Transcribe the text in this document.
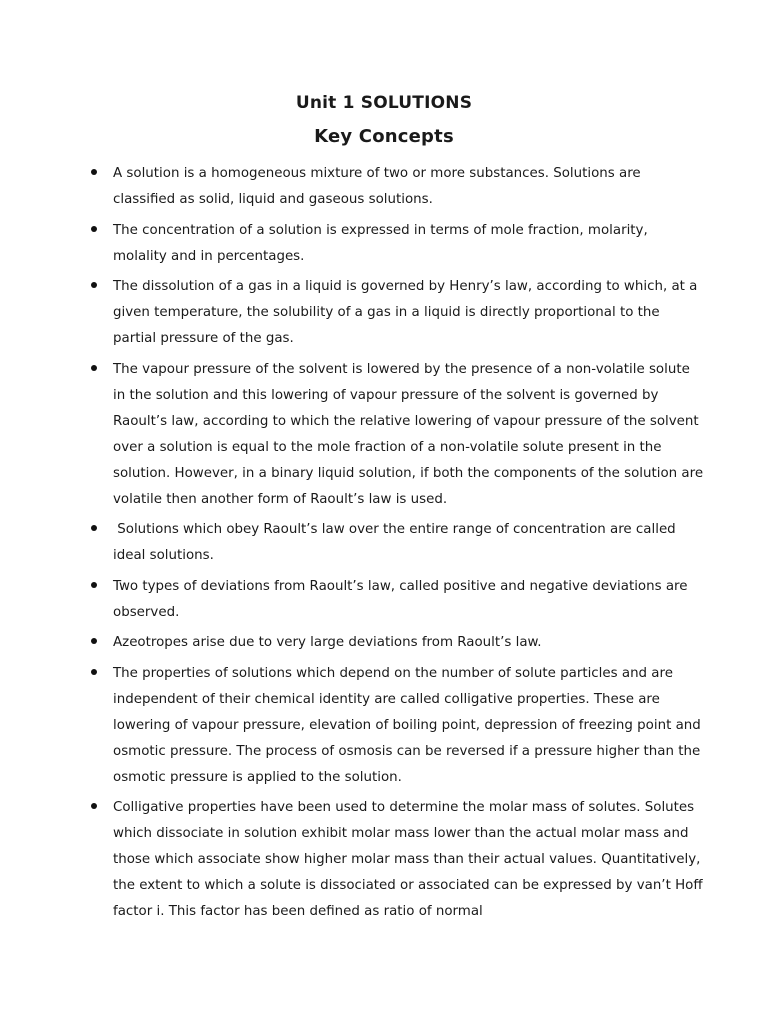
Unit 1 SOLUTIONS
Key Concepts
A solution is a homogeneous mixture of two or more substances. Solutions are classified as solid, liquid and gaseous solutions.
The concentration of a solution is expressed in terms of mole fraction, molarity, molality and in percentages.
The dissolution of a gas in a liquid is governed by Henry’s law, according to which, at a given temperature, the solubility of a gas in a liquid is directly proportional to the partial pressure of the gas.
The vapour pressure of the solvent is lowered by the presence of a non-volatile solute in the solution and this lowering of vapour pressure of the solvent is governed by Raoult’s law, according to which the relative lowering of vapour pressure of the solvent over a solution is equal to the mole fraction of a non-volatile solute present in the solution. However, in a binary liquid solution, if both the components of the solution are volatile then another form of Raoult’s law is used.
Solutions which obey Raoult’s law over the entire range of concentration are called ideal solutions.
Two types of deviations from Raoult’s law, called positive and negative deviations are observed.
Azeotropes arise due to very large deviations from Raoult’s law.
The properties of solutions which depend on the number of solute particles and are independent of their chemical identity are called colligative properties. These are lowering of vapour pressure, elevation of boiling point, depression of freezing point and osmotic pressure. The process of osmosis can be reversed if a pressure higher than the osmotic pressure is applied to the solution.
Colligative properties have been used to determine the molar mass of solutes. Solutes which dissociate in solution exhibit molar mass lower than the actual molar mass and those which associate show higher molar mass than their actual values. Quantitatively, the extent to which a solute is dissociated or associated can be expressed by van’t Hoff factor i. This factor has been defined as ratio of normal
